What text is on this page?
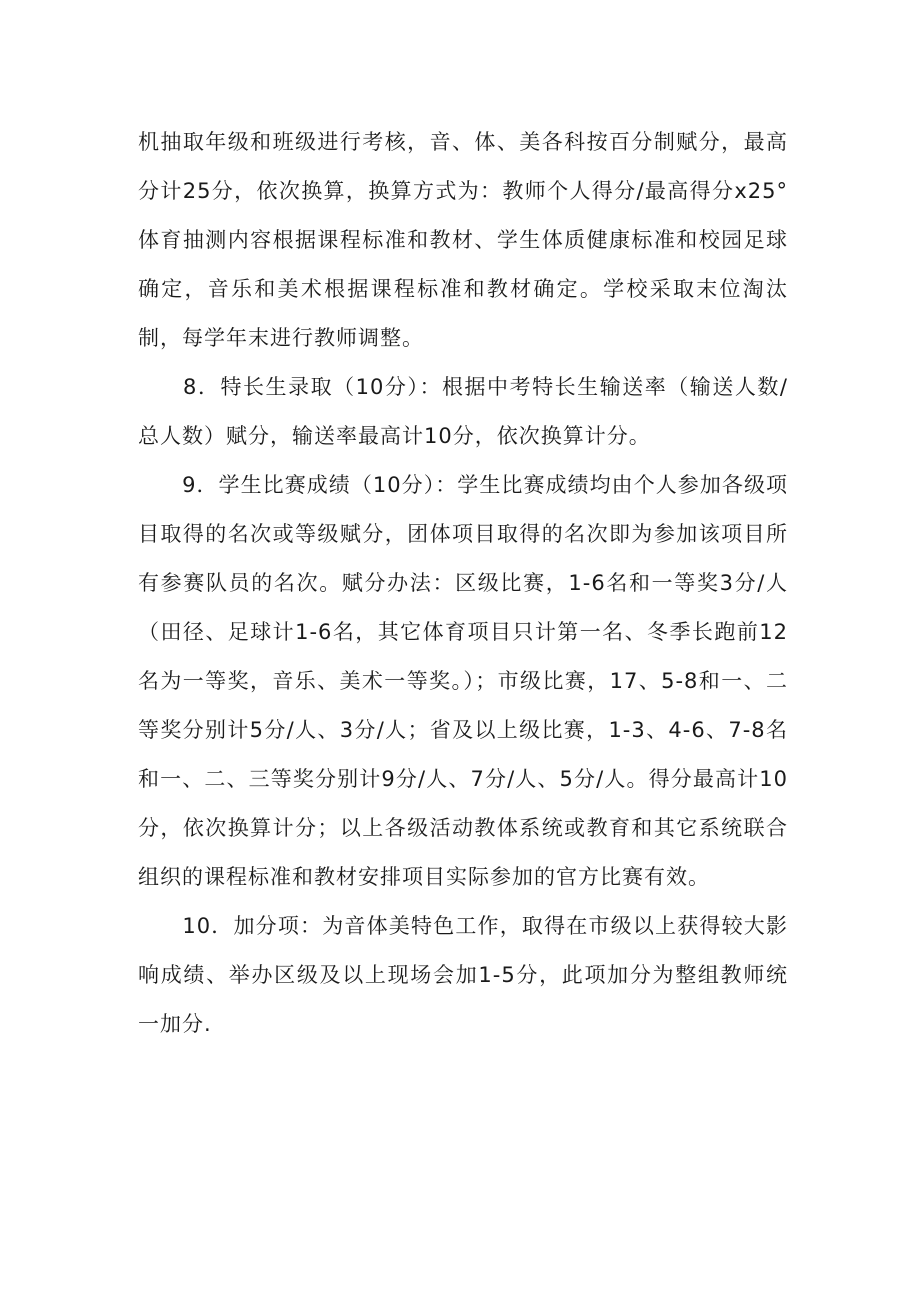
机抽取年级和班级进行考核，音、体、美各科按百分制赋分，最高分计25分，依次换算，换算方式为：教师个人得分/最高得分x25°体育抽测内容根据课程标准和教材、学生体质健康标准和校园足球确定，音乐和美术根据课程标准和教材确定。学校采取末位淘汰制，每学年末进行教师调整。

　　8．特长生录取（10分）：根据中考特长生输送率（输送人数/总人数）赋分，输送率最高计10分，依次换算计分。

　　9．学生比赛成绩（10分）：学生比赛成绩均由个人参加各级项目取得的名次或等级赋分，团体项目取得的名次即为参加该项目所有参赛队员的名次。赋分办法：区级比赛，1-6名和一等奖3分/人（田径、足球计1-6名，其它体育项目只计第一名、冬季长跑前12名为一等奖，音乐、美术一等奖。）；市级比赛，17、5-8和一、二等奖分别计5分/人、3分/人；省及以上级比赛，1-3、4-6、7-8名和一、二、三等奖分别计9分/人、7分/人、5分/人。得分最高计10分，依次换算计分；以上各级活动教体系统或教育和其它系统联合组织的课程标准和教材安排项目实际参加的官方比赛有效。

　　10．加分项：为音体美特色工作，取得在市级以上获得较大影响成绩、举办区级及以上现场会加1-5分，此项加分为整组教师统一加分.
